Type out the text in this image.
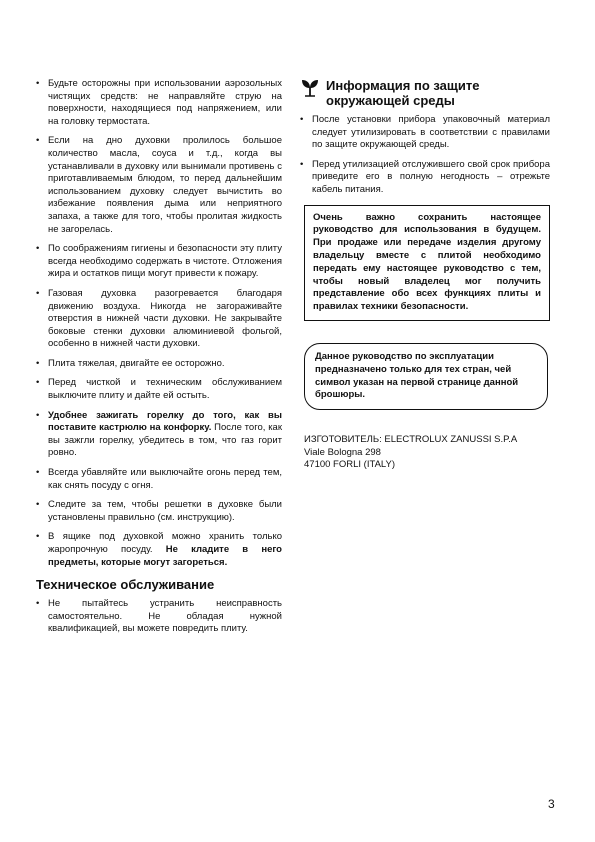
• Будьте осторожны при использовании аэрозольных чистящих средств: не направляйте струю на поверхности, находящиеся под напряжением, или на головку термостата.
• Если на дно духовки пролилось большое количество масла, соуса и т.д., когда вы устанавливали в духовку или вынимали противень с приготавливаемым блюдом, то перед дальнейшим использованием духовку следует вычистить во избежание появления дыма или неприятного запаха, а также для того, чтобы пролитая жидкость не загорелась.
• По соображениям гигиены и безопасности эту плиту всегда необходимо содержать в чистоте. Отложения жира и остатков пищи могут привести к пожару.
• Газовая духовка разогревается благодаря движению воздуха. Никогда не загораживайте отверстия в нижней части духовки. Не закрывайте боковые стенки духовки алюминиевой фольгой, особенно в нижней части духовки.
• Плита тяжелая, двигайте ее осторожно.
• Перед чисткой и техническим обслуживанием выключите плиту и дайте ей остыть.
• Удобнее зажигать горелку до того, как вы поставите кастрюлю на конфорку. После того, как вы зажгли горелку, убедитесь в том, что газ горит ровно.
• Всегда убавляйте или выключайте огонь перед тем, как снять посуду с огня.
• Следите за тем, чтобы решетки в духовке были установлены правильно (см. инструкцию).
• В ящике под духовкой можно хранить только жаропрочную посуду. Не кладите в него предметы, которые могут загореться.
Техническое обслуживание
• Не пытайтесь устранить неисправность самостоятельно. Не обладая нужной квалификацией, вы можете повредить плиту.
Информация по защите окружающей среды
• После установки прибора упаковочный материал следует утилизировать в соответствии с правилами по защите окружающей среды.
• Перед утилизацией отслужившего свой срок прибора приведите его в полную негодность – отрежьте кабель питания.
Очень важно сохранить настоящее руководство для использования в будущем. При продаже или передаче изделия другому владельцу вместе с плитой необходимо передать ему настоящее руководство с тем, чтобы новый владелец мог получить представление обо всех функциях плиты и правилах техники безопасности.
Данное руководство по эксплуатации предназначено только для тех стран, чей символ указан на первой странице данной брошюры.
ИЗГОТОВИТЕЛЬ: ELECTROLUX ZANUSSI S.P.A
Viale Bologna 298
47100 FORLI (ITALY)
3
